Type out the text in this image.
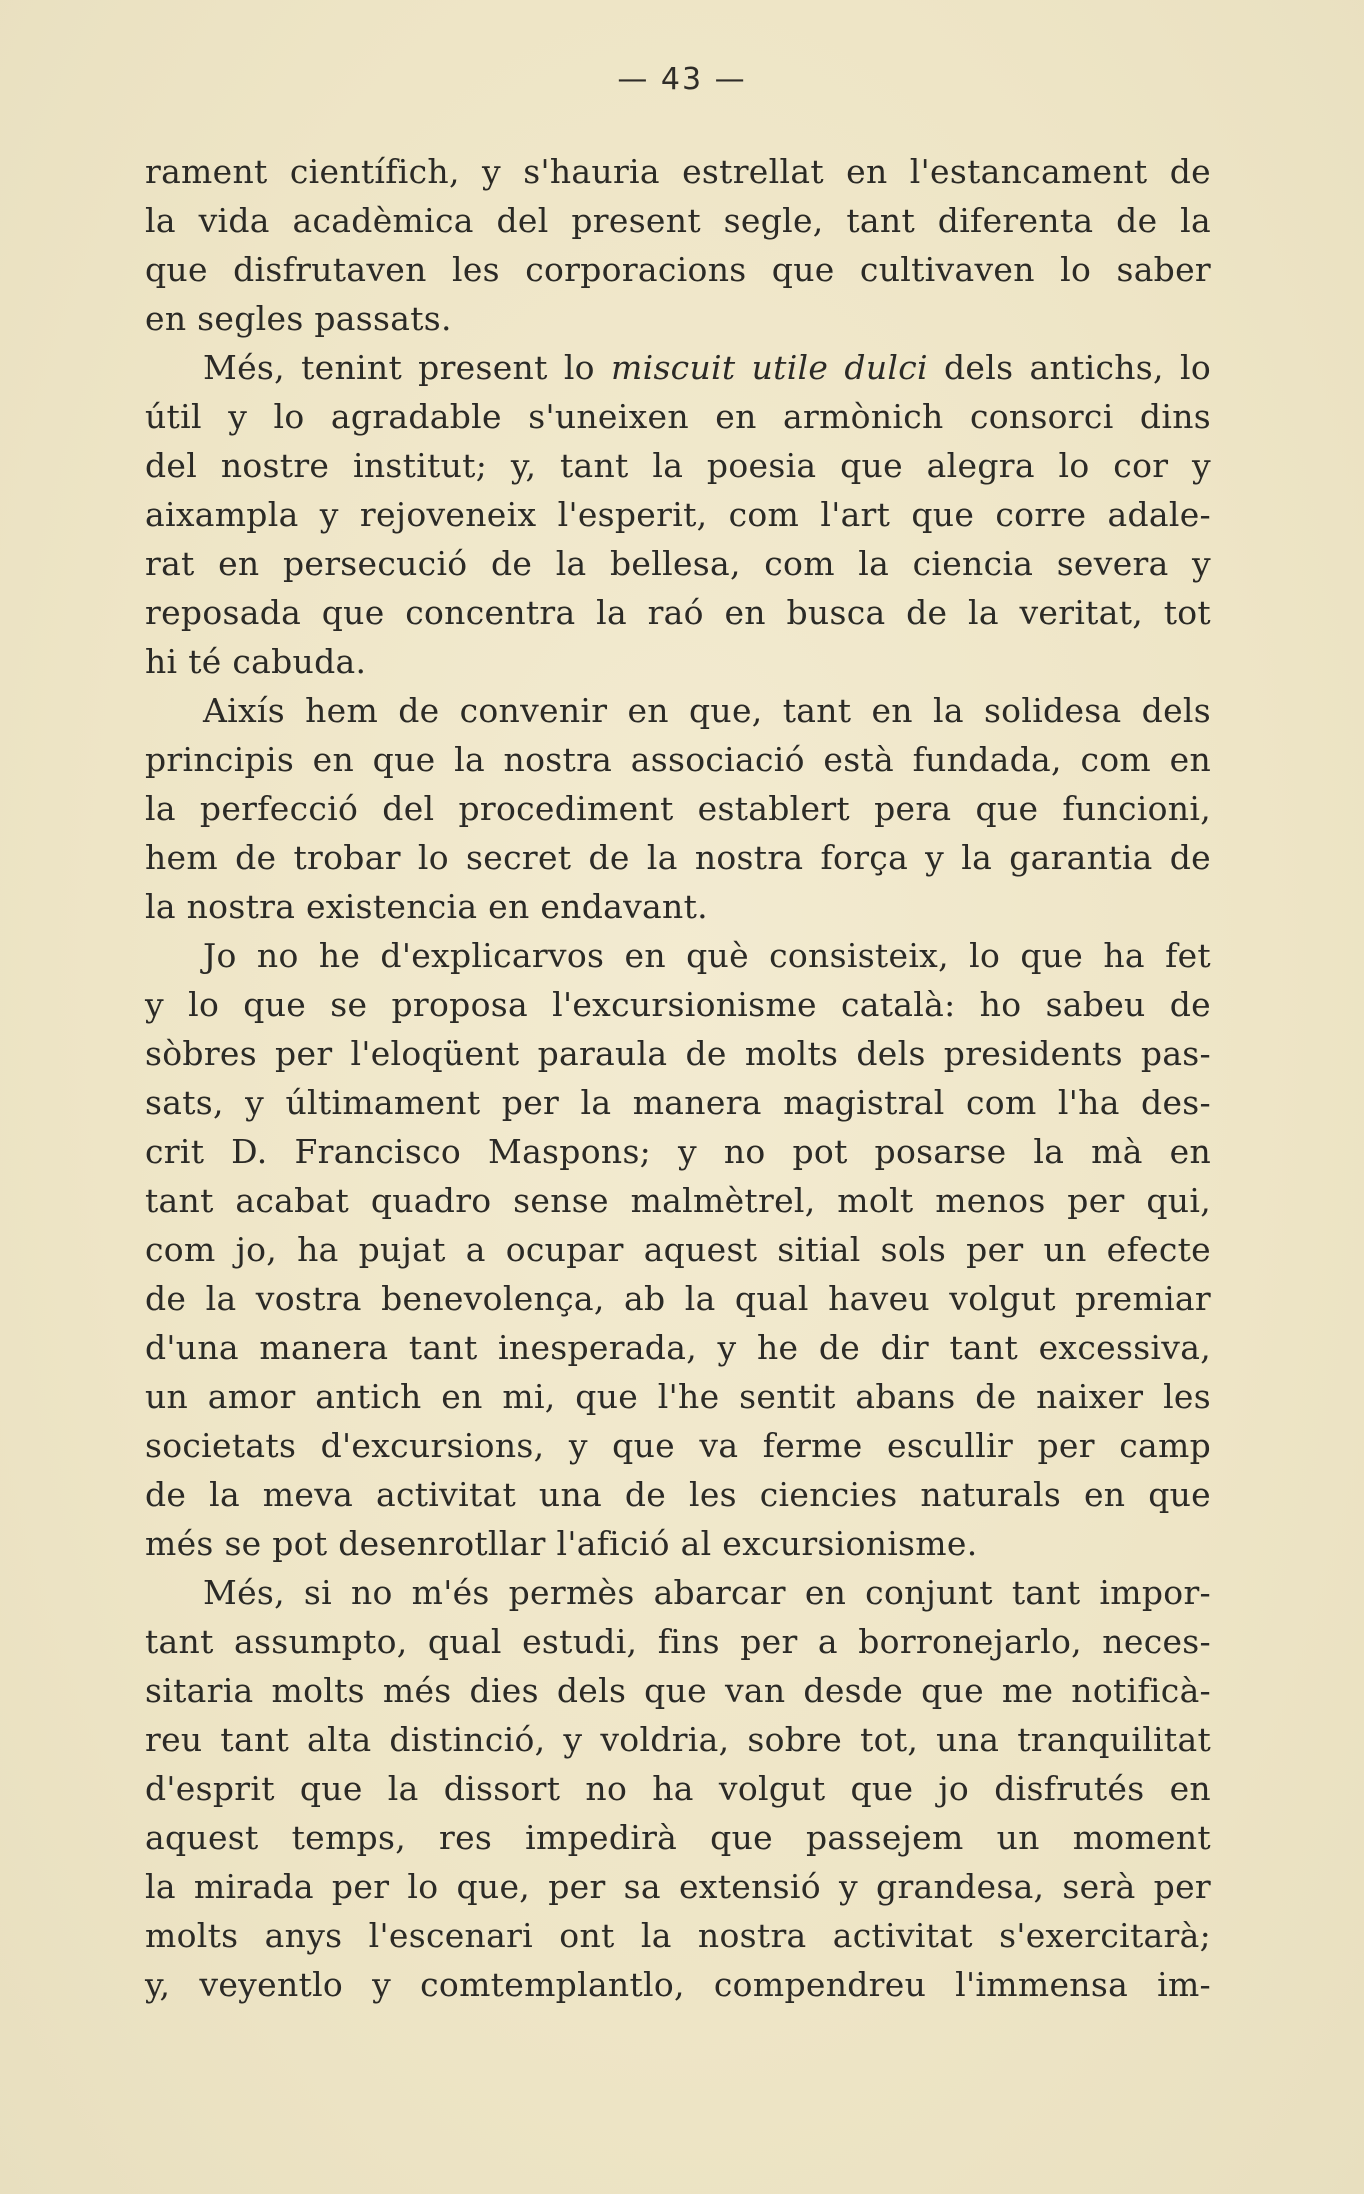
— 43 —
rament científich, y s'hauria estrellat en l'estancament de
la vida acadèmica del present segle, tant diferenta de la
que disfrutaven les corporacions que cultivaven lo saber
en segles passats.
Més, tenint present lo miscuit utile dulci dels antichs, lo
útil y lo agradable s'uneixen en armònich consorci dins
del nostre institut; y, tant la poesia que alegra lo cor y
aixampla y rejoveneix l'esperit, com l'art que corre adale-
rat en persecució de la bellesa, com la ciencia severa y
reposada que concentra la raó en busca de la veritat, tot
hi té cabuda.
Aixís hem de convenir en que, tant en la solidesa dels
principis en que la nostra associació està fundada, com en
la perfecció del procediment establert pera que funcioni,
hem de trobar lo secret de la nostra força y la garantia de
la nostra existencia en endavant.
Jo no he d'explicarvos en què consisteix, lo que ha fet
y lo que se proposa l'excursionisme català: ho sabeu de
sòbres per l'eloqüent paraula de molts dels presidents pas-
sats, y últimament per la manera magistral com l'ha des-
crit D. Francisco Maspons; y no pot posarse la mà en
tant acabat quadro sense malmètrel, molt menos per qui,
com jo, ha pujat a ocupar aquest sitial sols per un efecte
de la vostra benevolença, ab la qual haveu volgut premiar
d'una manera tant inesperada, y he de dir tant excessiva,
un amor antich en mi, que l'he sentit abans de naixer les
societats d'excursions, y que va ferme escullir per camp
de la meva activitat una de les ciencies naturals en que
més se pot desenrotllar l'afició al excursionisme.
Més, si no m'és permès abarcar en conjunt tant impor-
tant assumpto, qual estudi, fins per a borronejarlo, neces-
sitaria molts més dies dels que van desde que me notificà-
reu tant alta distinció, y voldria, sobre tot, una tranquilitat
d'esprit que la dissort no ha volgut que jo disfrutés en
aquest temps, res impedirà que passejem un moment
la mirada per lo que, per sa extensió y grandesa, serà per
molts anys l'escenari ont la nostra activitat s'exercitarà;
y, veyentlo y comtemplantlo, compendreu l'immensa im-
